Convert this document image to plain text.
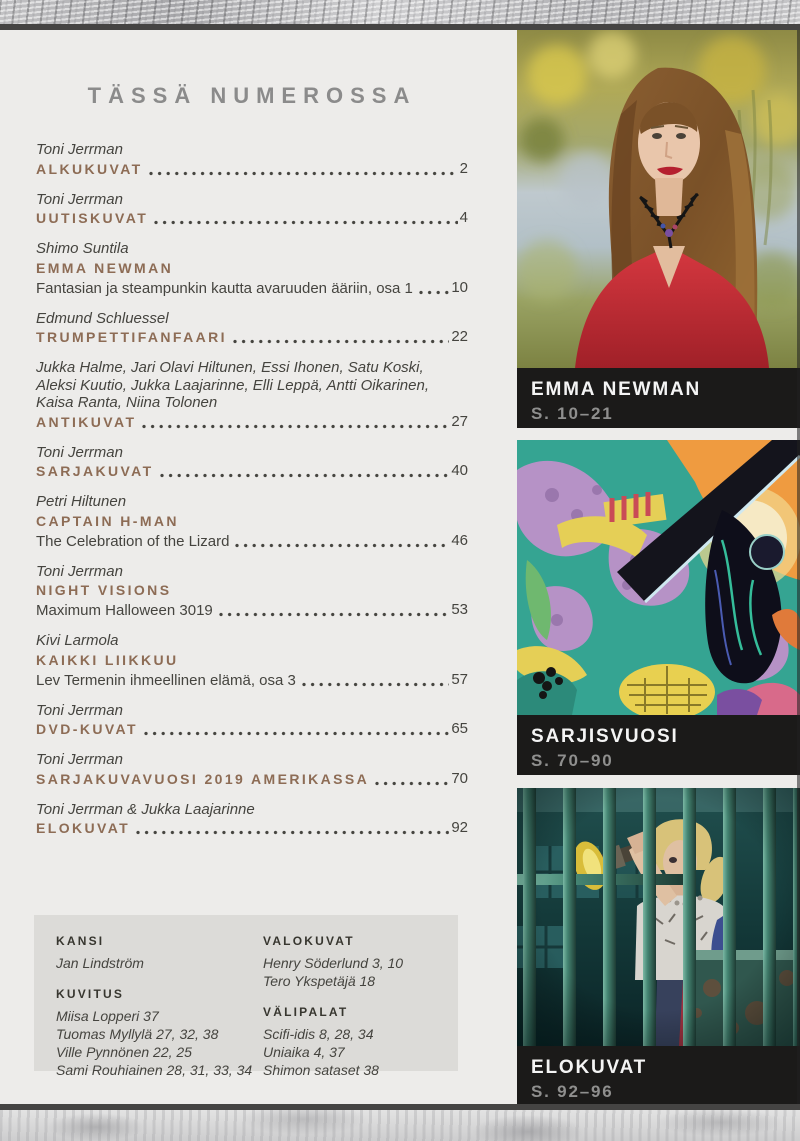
TÄSSÄ NUMEROSSA
Toni Jerrman
ALKUKUVAT	2
Toni Jerrman
UUTISKUVAT	4
Shimo Suntila
EMMA NEWMAN
Fantasian ja steampunkin kautta avaruuden ääriin, osa 1	10
Edmund Schluessel
TRUMPETTIFANFAARI	22
Jukka Halme, Jari Olavi Hiltunen, Essi Ihonen, Satu Koski, Aleksi Kuutio, Jukka Laajarinne, Elli Leppä, Antti Oikarinen, Kaisa Ranta, Niina Tolonen
ANTIKUVAT	27
Toni Jerrman
SARJAKUVAT	40
Petri Hiltunen
CAPTAIN H-MAN
The Celebration of the Lizard	46
Toni Jerrman
NIGHT VISIONS
Maximum Halloween 3019	53
Kivi Larmola
KAIKKI LIIKKUU
Lev Termenin ihmeellinen elämä, osa 3	57
Toni Jerrman
DVD-KUVAT	65
Toni Jerrman
SARJAKUVAVUOSI 2019 AMERIKASSA	70
Toni Jerrman & Jukka Laajarinne
ELOKUVAT	92
KANSI
Jan Lindström
KUVITUS
Miisa Lopperi 37
Tuomas Myllylä 27, 32, 38
Ville Pynnönen 22, 25
Sami Rouhiainen 28, 31, 33, 34
VALOKUVAT
Henry Söderlund 3, 10
Tero Ykspetäjä 18
VÄLIPALAT
Scifi-idis 8, 28, 34
Uniaika 4, 37
Shimon sataset 38
EMMA NEWMAN
S. 10–21
SARJISVUOSI
S. 70–90
ELOKUVAT
S. 92–96
